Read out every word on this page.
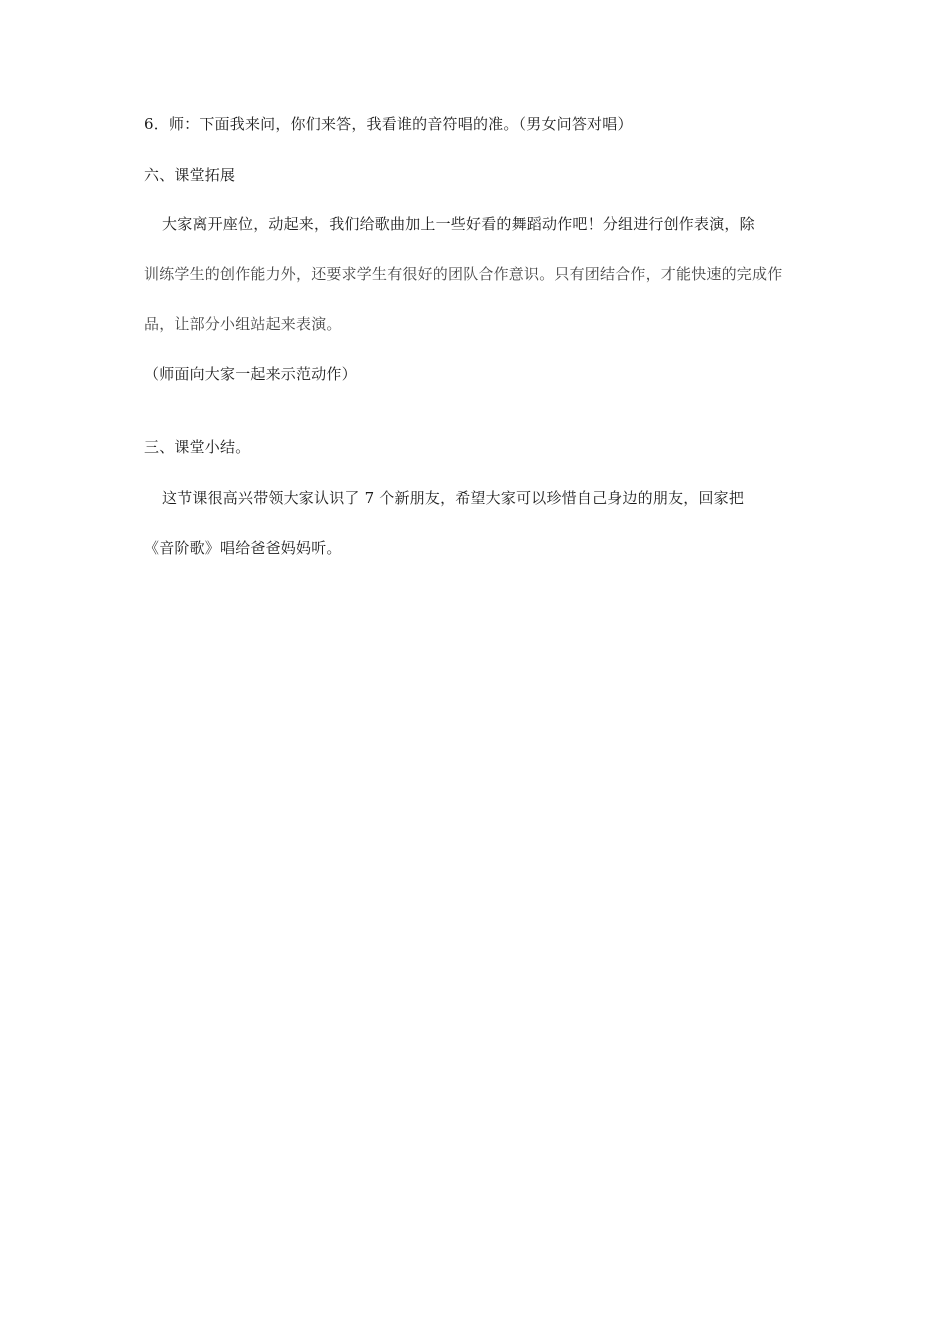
6．师：下面我来问，你们来答，我看谁的音符唱的准。（男女问答对唱）
六、课堂拓展
大家离开座位，动起来，我们给歌曲加上一些好看的舞蹈动作吧！分组进行创作表演，除
训练学生的创作能力外，还要求学生有很好的团队合作意识。只有团结合作，才能快速的完成作
品，让部分小组站起来表演。
（师面向大家一起来示范动作）
三、课堂小结。
这节课很高兴带领大家认识了 7 个新朋友，希望大家可以珍惜自己身边的朋友，回家把
《音阶歌》唱给爸爸妈妈听。
